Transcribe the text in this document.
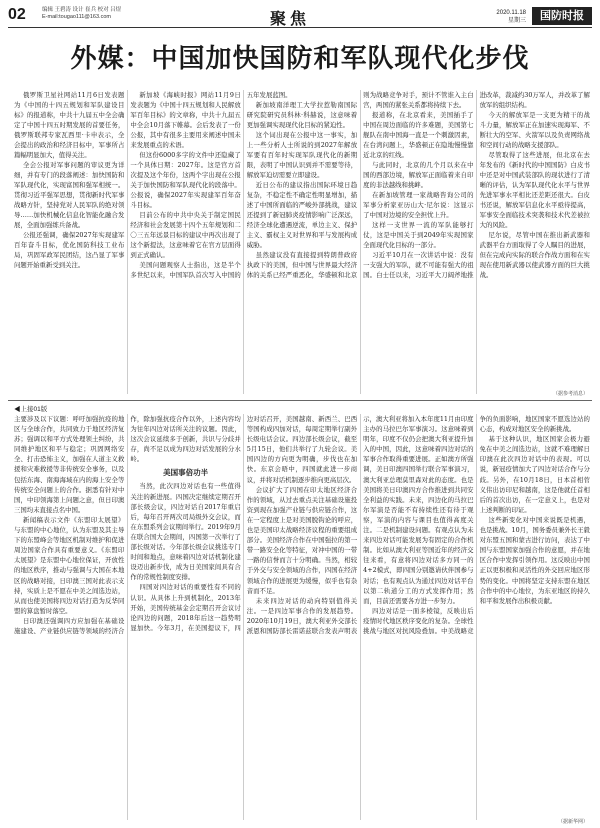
02	编辑 王碧涛 设计 崔兵 校对 吕煜
E-mail:tougao111@163.com	聚焦	2020.11.18
星期三	国防时报
外媒：中国加快国防和军队现代化步伐

俄罗斯卫星社网站11月6日发表题为《中国的十四五规划和军队建设目标》的报道称，中共十九届五中全会确定了中国十四五时期发展的首要任务，俄罗斯联邦专家瓦西里·卡申表示，全会提出的政治和经济目标中，军事所占篇幅明显加大，值得关注。

全会公报对军事问题的审议更为详细，并有专门的段落阐述：加快国防和军队现代化，实现富国和强军相统一。贯彻习近平强军思想，贯彻新时代军事战略方针，坚持党对人民军队的绝对领导……加快机械化信息化智能化融合发展，全面加强练兵备战。

公报还强调，确保2027年实现建军百年奋斗目标，优化国防科技工业布局，巩固军政军民团结，这凸显了军事问题开始重新受到关注。

新加坡《海峡时报》网站11月9日发表题为《中国十四五规划和人民解放军百年目标》的文章称，中共十九届五中全会10月落下帷幕。会后发表了一份公报，其中有很多主要用来阐述中国未来发展重点的术语。

但这份6000多字的文件中还隐藏了一个具体日期：2027年。这是官方首次提及这个年份，这两个字出现在公报关于加快国防和军队现代化的段落中。公报说，确保2027年实现建军百年奋斗目标。

目前公布的中共中央关于制定国民经济和社会发展第十四个五年规划和二〇三五年远景目标的建议中再次出现了这个新提法，这意味着它在官方层面得到正式确认。

美国问题观察人士指出，这是半个多世纪以来，中国军队首次写入中国的五年发展蓝图。

新加坡南洋理工大学拉惹勒南国际研究院研究员科林·科赫说，这意味着更加强调实现现代化目标的紧迫性。

这个词出现在公报中这一事实，加上一些分析人士所说的到2027年解放军要有百年时实现军队现代化的新期限，表明了中国认识到并不需要等待，解放军迫切需要立即建设。

近日公布的建议指出国际环境日趋复杂，不稳定性不确定性明显增加，描述了中国所面临的严峻外部挑战，建议还提到了新冠肺炎疫情影响广泛深远，经济全球化遭遇逆流，单边主义、保护主义、霸权主义对世界和平与发展构成威胁。

虽然建议没有直接提到特朗普政府执政下的美国，但中国与世界最大经济体的关系已经严重恶化，华盛顿和北京则为战略竞争对手，预计不管谁入主白宫，两国的紧张关系都将持续下去。

报道称，在北京看来，美国插手了中国在周边面临的许多难题，美国第七舰队在南中国海一直是一个刺激因素，在台湾问题上，华盛顿正在隐地慢慢靠近北京的红线。

与此同时，北京的几个月以来在中国的西部边境，解放军正面临着来自印度的非法越线和挑衅。

在新加坡管理一家战略咨询公司的军事分析家亚历山大·尼尔说：这显示了中国对边境的安全担忧上升。

这样一支世界一流的军队能够打仗，这是中国关于到2049年实现国家全面现代化目标的一部分。

习近平10月在一次讲话中说：没有一支强大的军队，就不可能有强大的祖国。白士任以来，习近平大刀阔斧地推进改革，裁减约30万军人，并改革了解放军的组织结构。

今天的解放军是一支更为精干的战斗力量，解放军正在加速实现海军、不断壮大的空军、火箭军以及负责网络战和空间行动的战略支援部队。

尽管取得了这些进展，但北京在去年发布的《新时代的中国国防》白皮书中还是对中国武装部队的现状进行了清晰的评估，认为军队现代化水平与世界先进军事水平相比还差距还很大。白皮书还说，解放军信息化水平亟待提高，军事安全面临技术突袭和技术代差被拉大的风险。

尼尔说，尽管中国在推出新武器和武器平台方面取得了令人瞩目的进展，但在完成向实际的联合作战方面和在实现在使用新武器以使武器方面的巨大挑战。

（据参考消息）
◀上接01版

主要涉及以下议题：呼吁加强抗疫的地区与全球合作，共同致力于地区经济复苏；强调以和平方式处理领土纠纷，共同维护地区和平与稳定；巩固网络安全、打击恐怖主义，加强在人道主义救援和灾难救援等非传统安全事务，以及包括东海、南海海域在内的海上安全等传统安全问题上的合作。据悉有针对中国，中印领海第上问题之意，但日印澳三国均未直接点名中国。

新闻稿表示文件《东盟印太展望》与东盟的中心地位，认为东盟及其主导下的东盟峰会等地区机制对维护和促进周边国家合作具有重要意义。《东盟印太展望》是东盟中心地位保证，开放性的地区秩序，推动与强调与大国在本地区的战略对接，日印澳三国对此表示支持，实质上是不愿在中美之间选边站，从而也使美国将四边对话打造为反华同盟的算盘暂时落空。

日印澳还强调四方应加强在基础设施建设、产业链供应链等领域的经济合作，除加强抗疫合作以外，上述内容均为往年四边对话所关注的议题。因此，这次会议延续多于创新，共识与分歧并存，尚不足以成为四边对话发展的分水岭。

美国事倍功半

当然，此次四边对话也有一些值得关注的新进展。四国决定继续定期召开部长级会议，四边对话自2017年重启后，每年召开两次司局级外交会议，而在东盟系列会议期间举行。2019年9月在联合国大会期间，四国第一次举行了部长级对话。今年部长级会议挑选专门时间和地点，意味着四边对话机制化建设迈出新步伐，成为日美国家间具有合作的常规性制度安排。

四国对四边对话的重要性有不同的认识。从具体上升到机制化，2013年开始，美国传统基金会定期召开会议讨论四边的问题，2018年后这一趋势明显加快。今年3月，在美国提议下，四边对话召开，美国越南、新西兰、巴西等国构成四加对话，每周定期举行副外长级电话会议。四边部长级会议，截至5月15日，他们共举行了九轮会议。美国四边的方向更为明确，步伐也在加快。东京会晤中，四国就此进一步商议，并将对话机制逐步推向更高层次。

会议扩大了四国在印太地区经济合作的领域，从过去重点关注基础设施投资到现在加强产业链与供应链合作，这在一定程度上是对美国脱钩论的呼应，也是美国印太战略经济议程的重要组成部分。美国经济合作在中国强拉的第一带一路安全化等特征，对冲中国的一带一路的信誉而言十分明确。当然，相较于外交与安全领域的合作，四国在经济领域合作的进展更为缓慢，似乎也有杂音而不足。

未来四边对话的动向特别值得关注。一是四边军事合作的发展趋势。2020年10月19日，澳大利亚外交部长派恩和国防部长雷诺兹联合发表声明表示，澳大利亚将加入本年度11月由印度主办的马拉巴尔军事演习。这意味着到明年，印度不仅仍会把澳大利亚提升加入的中国，因此，这意味着四边对话的军事合作取得重要进展。正如澳方所强调，美日印澳四国举行联合军事演习，澳大利亚总理莫里森对此的态度。也是美国将美日印澳四方合作推进到共同安全利益的实践。未来，四边化的马拉巴尔军演是否能不有持续性还有待于观察，军演的内容与课目也值得高度关注。二是机制建设问题。有观点认为未来四边对话可能发展为有固定的合作机制。比如从澳大利亚等国近年的经济交往来看，有意将四边对话多方同一的4+2模式，即四国分别邀请伙伴国参与对话；也有观点认为通过四边对话平台以第二轨道分工的方式发挥作用；然而，目前还需要各方进一步努力。

四边对话是一面多棱镜，反映出后疫情时代地区秩序变化的复杂。全球性挑战与地区对抗风险叠加。中美战略竞争的负面影响，地区国家不愿选边站的心态，构成对地区安全的新挑战。

基于这种认识，地区国家会极力避免在中美之间选边站，这就不难理解日印澳在此次四边对话中的表现。可以说，新冠疫情加大了四边对话合作与分歧。另外，在10月18日，日本首相菅义伟出访印尼和越南，这是他就任首相后的首次出访，在一定意义上，也是对上述判断的印证。

这些新变化对中国来说既是机遇，也是挑战。10月，国务委员兼外长王毅对东盟五国和蒙古进行访问，表达了中国与东盟国家加强合作的意愿，并在地区合作中发挥引领作用。这反映出中国正以更积极和灵活性的外交回应地区形势的变化。中国将坚定支持东盟在地区合作中的中心地位，为东亚地区的持久和平和发展作出积极贡献。

（据新华网）
